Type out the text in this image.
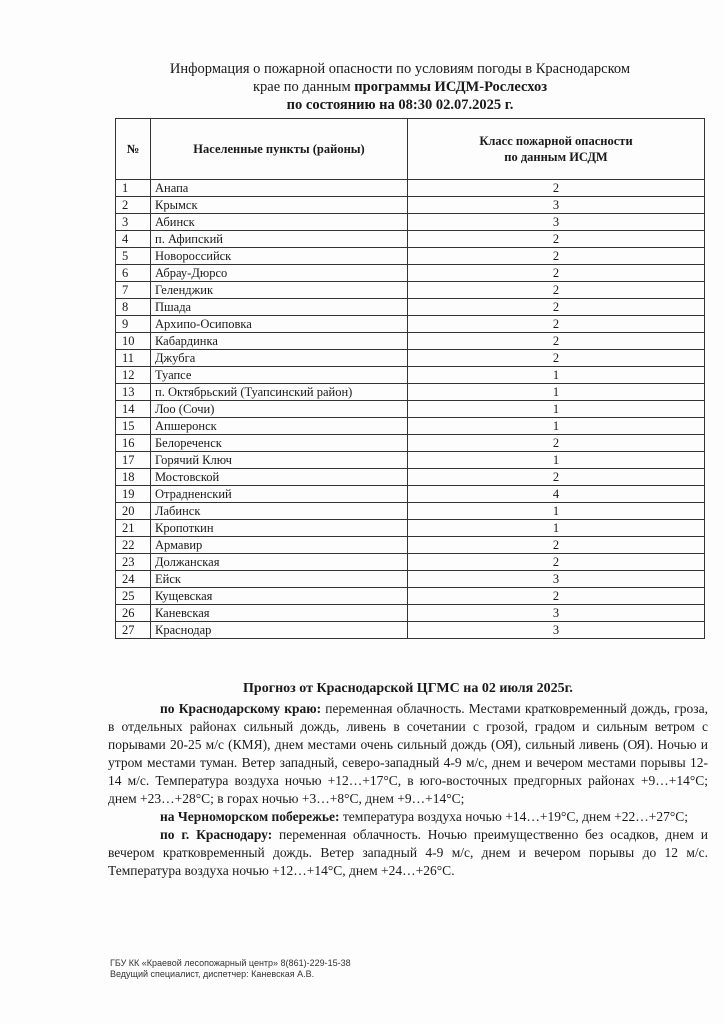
Информация о пожарной опасности по условиям погоды в Краснодарском
крае по данным программы ИСДМ-Рослесхоз
по состоянию на 08:30 02.07.2025 г.
№	Населенные пункты (районы)	Класс пожарной опасности
по данным ИСДМ

1	Анапа	2
2	Крымск	3
3	Абинск	3
4	п. Афипский	2
5	Новороссийск	2
6	Абрау-Дюрсо	2
7	Геленджик	2
8	Пшада	2
9	Архипо-Осиповка	2
10	Кабардинка	2
11	Джубга	2
12	Туапсе	1
13	п. Октябрьский (Туапсинский район)	1
14	Лоо (Сочи)	1
15	Апшеронск	1
16	Белореченск	2
17	Горячий Ключ	1
18	Мостовской	2
19	Отрадненский	4
20	Лабинск	1
21	Кропоткин	1
22	Армавир	2
23	Должанская	2
24	Ейск	3
25	Кущевская	2
26	Каневская	3
27	Краснодар	3
Прогноз от Краснодарской ЦГМС на 02 июля 2025г.

по Краснодарскому краю: переменная облачность. Местами кратковременный дождь, гроза, в отдельных районах сильный дождь, ливень в сочетании с грозой, градом и сильным ветром с порывами 20-25 м/с (КМЯ), днем местами очень сильный дождь (ОЯ), сильный ливень (ОЯ). Ночью и утром местами туман. Ветер западный, северо-западный 4-9 м/с, днем и вечером местами порывы 12-14 м/с. Температура воздуха ночью +12…+17°С, в юго-восточных предгорных районах +9…+14°С; днем +23…+28°С; в горах ночью +3…+8°С, днем +9…+14°С;

на Черноморском побережье: температура воздуха ночью +14…+19°С, днем +22…+27°С;

по г. Краснодару: переменная облачность. Ночью преимущественно без осадков, днем и вечером кратковременный дождь. Ветер западный 4-9 м/с, днем и вечером порывы до 12 м/с. Температура воздуха ночью +12…+14°С, днем +24…+26°С.

ГБУ КК «Краевой лесопожарный центр» 8(861)-229-15-38
Ведущий специалист, диспетчер: Каневская А.В.
